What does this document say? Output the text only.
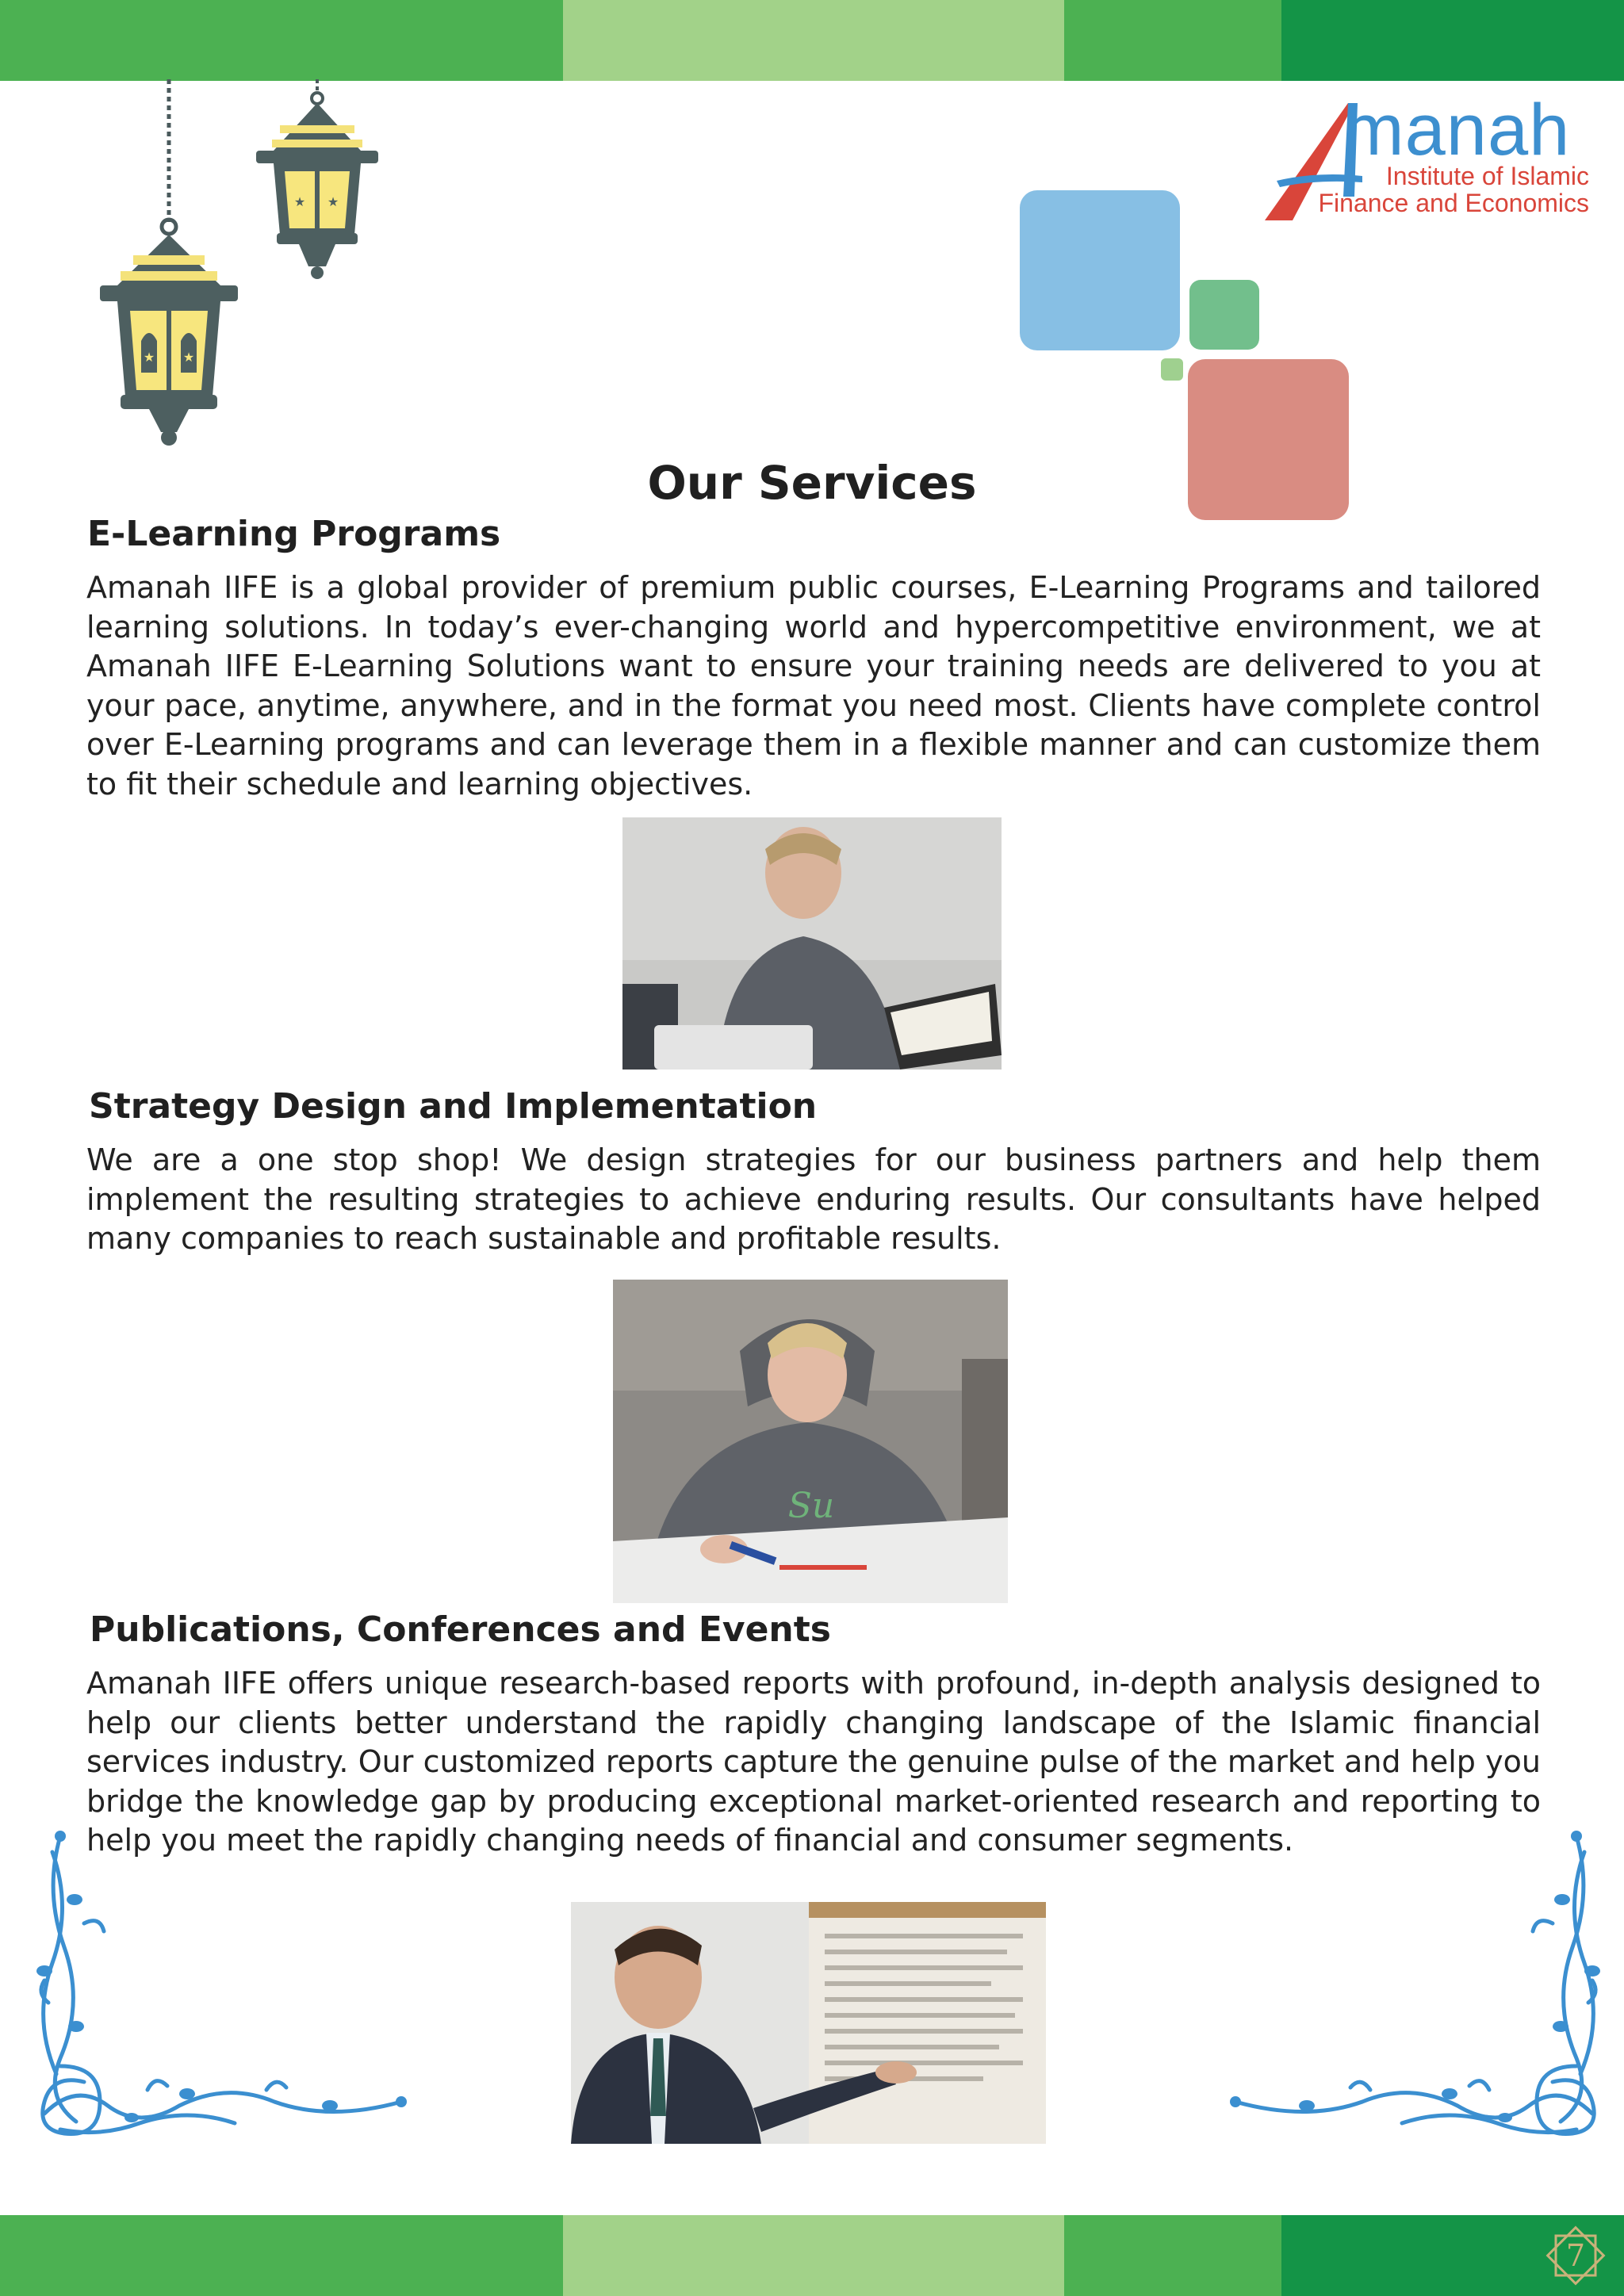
★ ★
★ ★
manah
Institute of Islamic
Finance and Economics
Our Services
E-Learning Programs

Amanah IIFE is a global provider of premium public courses, E-Learning Programs and tailored learning solutions. In today’s ever-changing world and hypercompetitive environment, we at Amanah IIFE E-Learning Solutions want to ensure your training needs are delivered to you at your pace, anytime, anywhere, and in the format you need most. Clients have complete control over E-Learning programs and can leverage them in a flexible manner and can customize them to fit their schedule and learning objectives.

Strategy Design and Implementation

We are a one stop shop! We design strategies for our business partners and help them implement the resulting strategies to achieve enduring results. Our consultants have helped many companies to reach sustainable and profitable results.

Su
Publications, Conferences and Events

Amanah IIFE offers unique research-based reports with profound, in-depth analysis designed to help our clients better understand the rapidly changing landscape of the Islamic financial services industry. Our customized reports capture the genuine pulse of the market and help you bridge the knowledge gap by producing exceptional market-oriented research and reporting to help you meet the rapidly changing needs of financial and consumer segments.

7
